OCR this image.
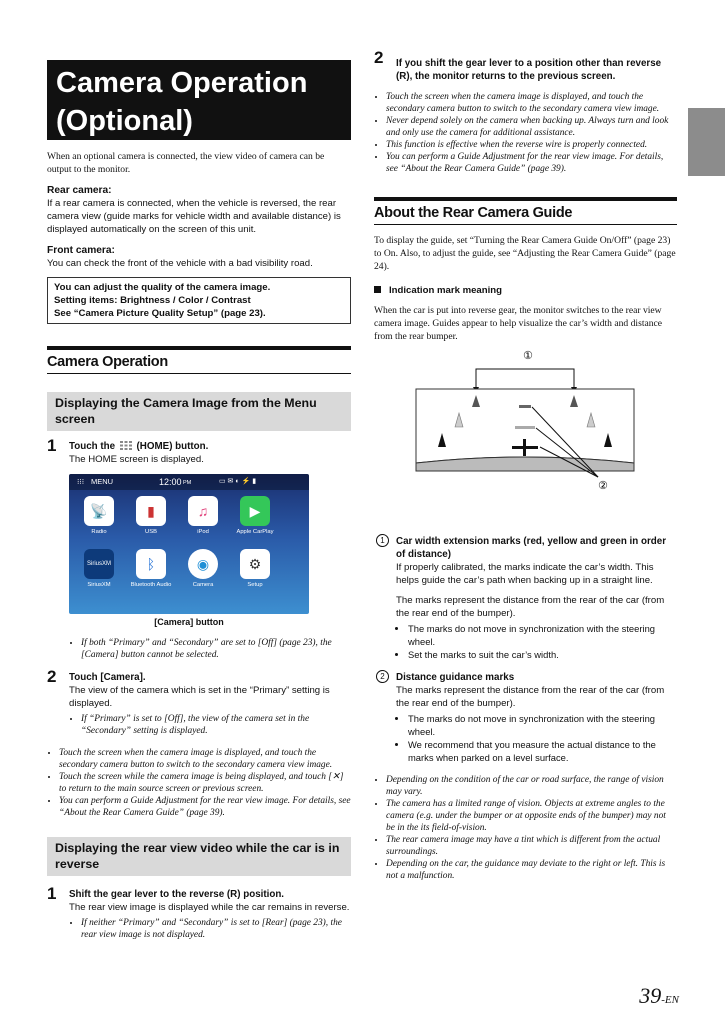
Camera Operation
(Optional)
When an optional camera is connected, the view video of camera can be output to the monitor.
Rear camera:
If a rear camera is connected, when the vehicle is reversed, the rear camera view (guide marks for vehicle width and available distance) is displayed automatically on the screen of this unit.
Front camera:
You can check the front of the vehicle with a bad visibility road.
You can adjust the quality of the camera image.
Setting items: Brightness / Color / Contrast
See “Camera Picture Quality Setup” (page 23).
Camera Operation
Displaying the Camera Image from the Menu screen
1 Touch the (HOME) button.
The HOME screen is displayed.
⁝⁝⁝ MENU	12:00 PM	▭ ✉ ◐ ⚡ ▮
📡
Radio
▮
USB
♫
iPod
▶
Apple CarPlay
SiriusXM
SiriusXM
ᛒ
Bluetooth Audio
◉
Camera
⚙
Setup
[Camera] button
• If both “Primary” and “Secondary” are set to [Off] (page 23), the [Camera] button cannot be selected.
2 Touch [Camera].
The view of the camera which is set in the “Primary” setting is displayed.
• If “Primary” is set to [Off], the view of the camera set in the “Secondary” setting is displayed.
• Touch the screen when the camera image is displayed, and touch the secondary camera button to switch to the secondary camera view image.
• Touch the screen while the camera image is being displayed, and touch [✕] to return to the main source screen or previous screen.
• You can perform a Guide Adjustment for the rear view image. For details, see “About the Rear Camera Guide” (page 39).
Displaying the rear view video while the car is in reverse
1 Shift the gear lever to the reverse (R) position.
The rear view image is displayed while the car remains in reverse.
• If neither “Primary” and “Secondary” is set to [Rear] (page 23), the rear view image is not displayed.
2 If you shift the gear lever to a position other than reverse (R), the monitor returns to the previous screen.
• Touch the screen when the camera image is displayed, and touch the secondary camera button to switch to the secondary camera view image.
• Never depend solely on the camera when backing up. Always turn and look and only use the camera for additional assistance.
• This function is effective when the reverse wire is properly connected.
• You can perform a Guide Adjustment for the rear view image. For details, see “About the Rear Camera Guide” (page 39).
About the Rear Camera Guide
To display the guide, set “Turning the Rear Camera Guide On/Off” (page 23) to On. Also, to adjust the guide, see “Adjusting the Rear Camera Guide” (page 24).
Indication mark meaning
When the car is put into reverse gear, the monitor switches to the rear view camera image. Guides appear to help visualize the car’s width and distance from the rear bumper.
①
②
1	Car width extension marks (red, yellow and green in order of distance)
If properly calibrated, the marks indicate the car’s width. This helps guide the car’s path when backing up in a straight line.
The marks represent the distance from the rear of the car (from the rear end of the bumper).
• The marks do not move in synchronization with the steering wheel.
• Set the marks to suit the car’s width.
2	Distance guidance marks
The marks represent the distance from the rear of the car (from the rear end of the bumper).
• The marks do not move in synchronization with the steering wheel.
• We recommend that you measure the actual distance to the marks when parked on a level surface.
• Depending on the condition of the car or road surface, the range of vision may vary.
• The camera has a limited range of vision. Objects at extreme angles to the camera (e.g. under the bumper or at opposite ends of the bumper) may not be in the its field-of-vision.
• The rear camera image may have a tint which is different from the actual surroundings.
• Depending on the car, the guidance may deviate to the right or left. This is not a malfunction.
39-EN
